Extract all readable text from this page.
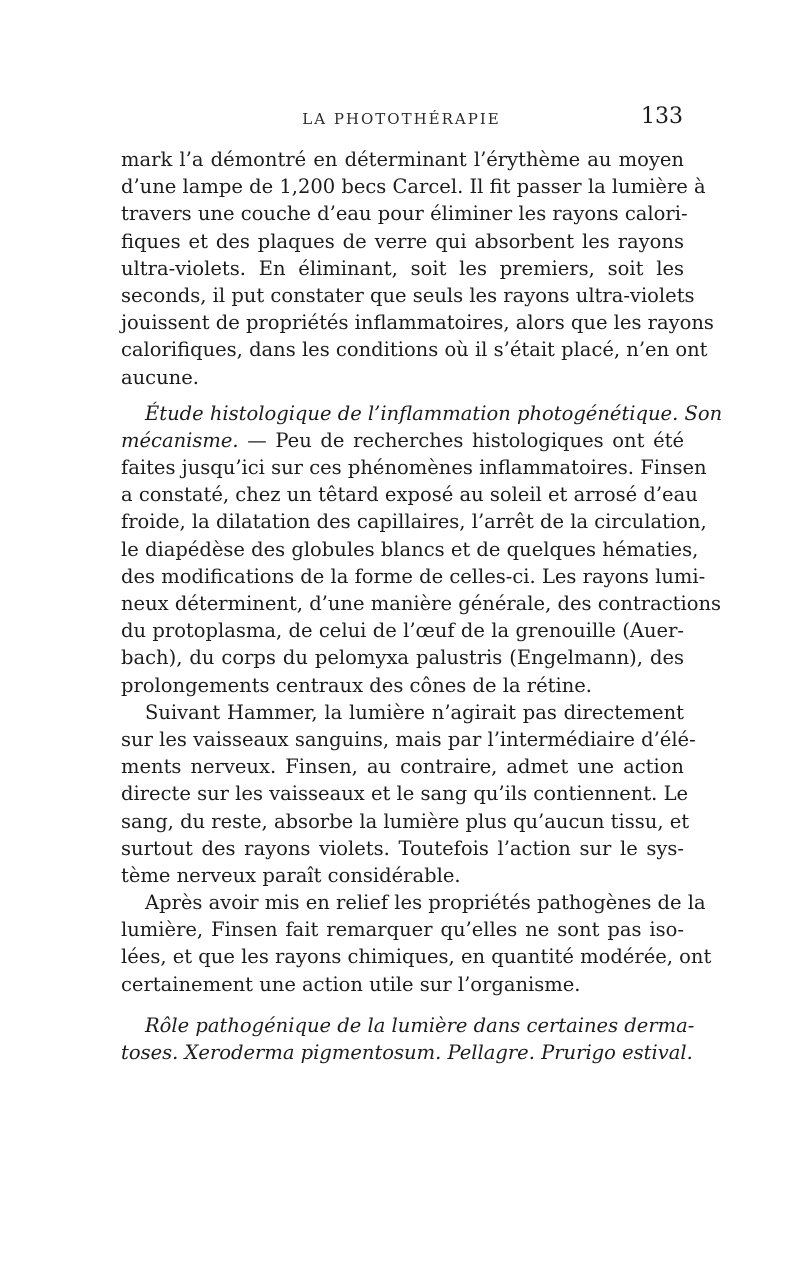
LA PHOTOTHÉRAPIE	133
mark l’a démontré en déterminant l’érythème au moyen
d’une lampe de 1,200 becs Carcel. Il fit passer la lumière à
travers une couche d’eau pour éliminer les rayons calori-
fiques et des plaques de verre qui absorbent les rayons
ultra-violets. En éliminant, soit les premiers, soit les
seconds, il put constater que seuls les rayons ultra-violets
jouissent de propriétés inflammatoires, alors que les rayons
calorifiques, dans les conditions où il s’était placé, n’en ont
aucune.
Étude histologique de l’inflammation photogénétique. Son
mécanisme. — Peu de recherches histologiques ont été
faites jusqu’ici sur ces phénomènes inflammatoires. Finsen
a constaté, chez un têtard exposé au soleil et arrosé d’eau
froide, la dilatation des capillaires, l’arrêt de la circulation,
le diapédèse des globules blancs et de quelques hématies,
des modifications de la forme de celles-ci. Les rayons lumi-
neux déterminent, d’une manière générale, des contractions
du protoplasma, de celui de l’œuf de la grenouille (Auer-
bach), du corps du pelomyxa palustris (Engelmann), des
prolongements centraux des cônes de la rétine.
Suivant Hammer, la lumière n’agirait pas directement
sur les vaisseaux sanguins, mais par l’intermédiaire d’élé-
ments nerveux. Finsen, au contraire, admet une action
directe sur les vaisseaux et le sang qu’ils contiennent. Le
sang, du reste, absorbe la lumière plus qu’aucun tissu, et
surtout des rayons violets. Toutefois l’action sur le sys-
tème nerveux paraît considérable.
Après avoir mis en relief les propriétés pathogènes de la
lumière, Finsen fait remarquer qu’elles ne sont pas iso-
lées, et que les rayons chimiques, en quantité modérée, ont
certainement une action utile sur l’organisme.
Rôle pathogénique de la lumière dans certaines derma-
toses. Xeroderma pigmentosum. Pellagre. Prurigo estival.
